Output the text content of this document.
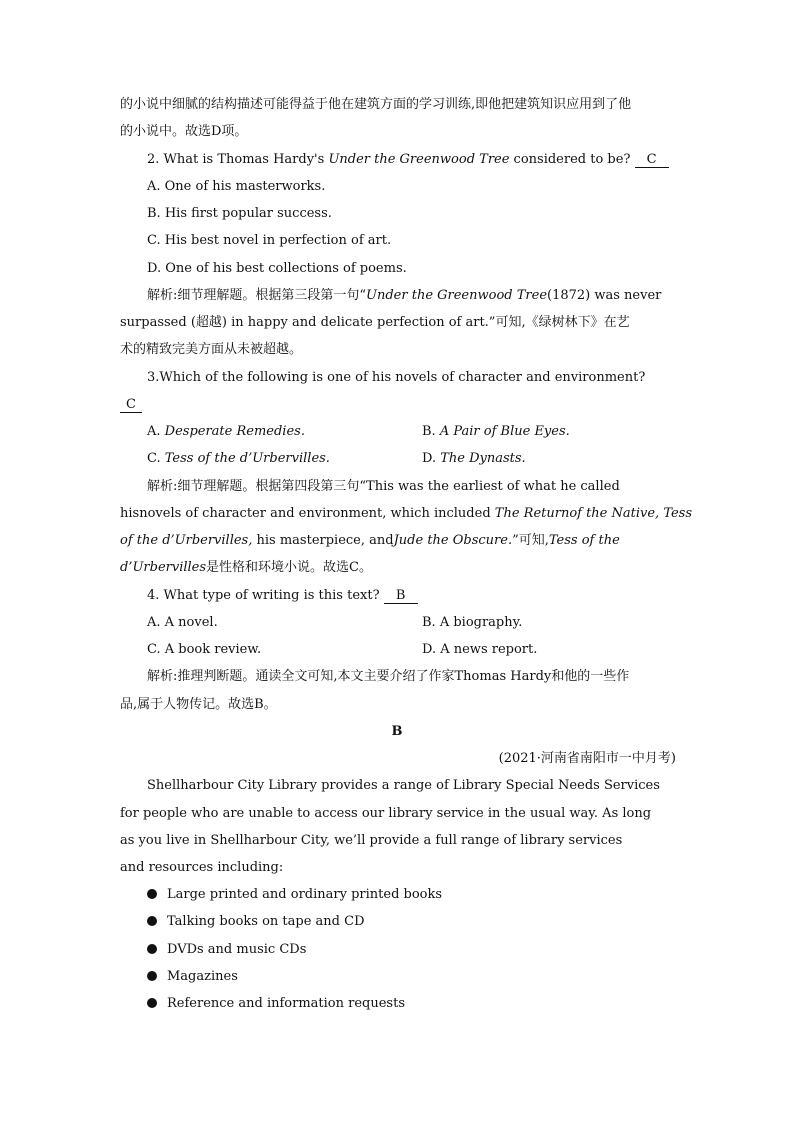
的小说中细腻的结构描述可能得益于他在建筑方面的学习训练,即他把建筑知识应用到了他
的小说中。故选D项。
2. What is Thomas Hardy's Under the Greenwood Tree considered to be? C
A. One of his masterworks.
B. His first popular success.
C. His best novel in perfection of art.
D. One of his best collections of poems.
解析:细节理解题。根据第三段第一句“Under the Greenwood Tree(1872) was never
surpassed (超越) in happy and delicate perfection of art.”可知,《绿树林下》在艺
术的精致完美方面从未被超越。
3.Which of the following is one of his novels of character and environment?
C
A. Desperate Remedies.	B. A Pair of Blue Eyes.
C. Tess of the d’Urbervilles.	D. The Dynasts.
解析:细节理解题。根据第四段第三句“This was the earliest of what he called
hisnovels of character and environment, which included The Returnof the Native, Tess
of the d’Urbervilles, his masterpiece, andJude the Obscure.”可知,Tess of the
d’Urbervilles是性格和环境小说。故选C。
4. What type of writing is this text? B
A. A novel.	B. A biography.
C. A book review.	D. A news report.
解析:推理判断题。通读全文可知,本文主要介绍了作家Thomas Hardy和他的一些作
品,属于人物传记。故选B。
B
(2021·河南省南阳市一中月考)
Shellharbour City Library provides a range of Library Special Needs Services
for people who are unable to access our library service in the usual way. As long
as you live in Shellharbour City, we’ll provide a full range of library services
and resources including:
Large printed and ordinary printed books
Talking books on tape and CD
DVDs and music CDs
Magazines
Reference and information requests
